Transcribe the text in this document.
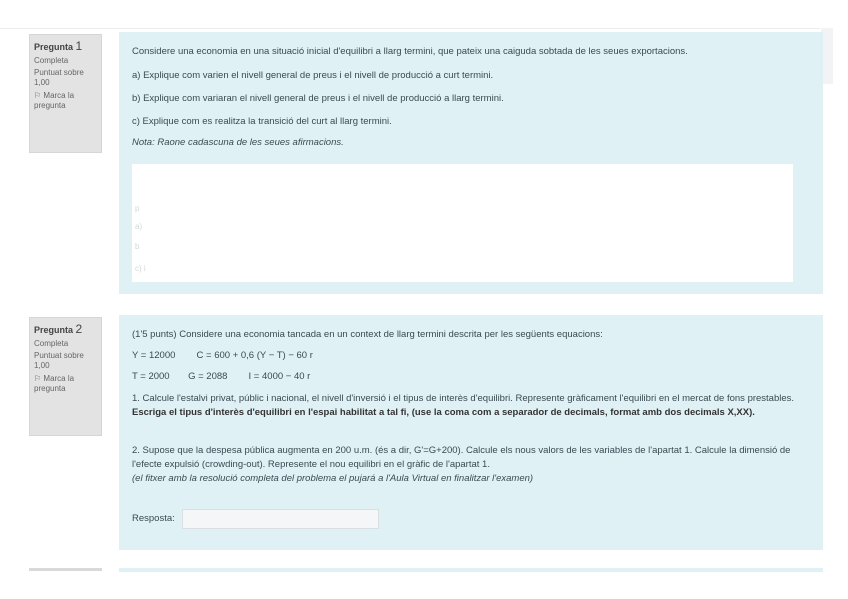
Pregunta 1
Completa
Puntuat sobre
1,00
⚐ Marca la pregunta

Considere una economia en una situació inicial d'equilibri a llarg termini, que pateix una caiguda sobtada de les seues exportacions.

a) Explique com varien el nivell general de preus i el nivell de producció a curt termini.

b) Explique com variaran el nivell general de preus i el nivell de producció a llarg termini.

c) Explique com es realitza la transició del curt al llarg termini.

Nota: Raone cadascuna de les seues afirmacions.

p
a)
b
c) i
Pregunta 2
Completa
Puntuat sobre
1,00
⚐ Marca la pregunta

(1'5 punts) Considere una economia tancada en un context de llarg termini descrita per les següents equacions:

Y = 12000        C = 600 + 0,6 (Y − T) − 60 r

T = 2000       G = 2088        I = 4000 − 40 r

1. Calcule l'estalvi privat, públic i nacional, el nivell d'inversió i el tipus de interès d'equilibri. Represente gràficament l'equilibri en el mercat de fons prestables. Escriga el tipus d'interès d'equilibri en l'espai habilitat a tal fi, (use la coma com a separador de decimals, format amb dos decimals X,XX).

2. Supose que la despesa pública augmenta en 200 u.m. (és a dir, G'=G+200). Calcule els nous valors de les variables de l'apartat 1. Calcule la dimensió de l'efecte expulsió (crowding-out). Represente el nou equilibri en el gràfic de l'apartat 1.

(el fitxer amb la resolució completa del problema el pujará a l'Aula Virtual en finalitzar l'examen)

Resposta:
